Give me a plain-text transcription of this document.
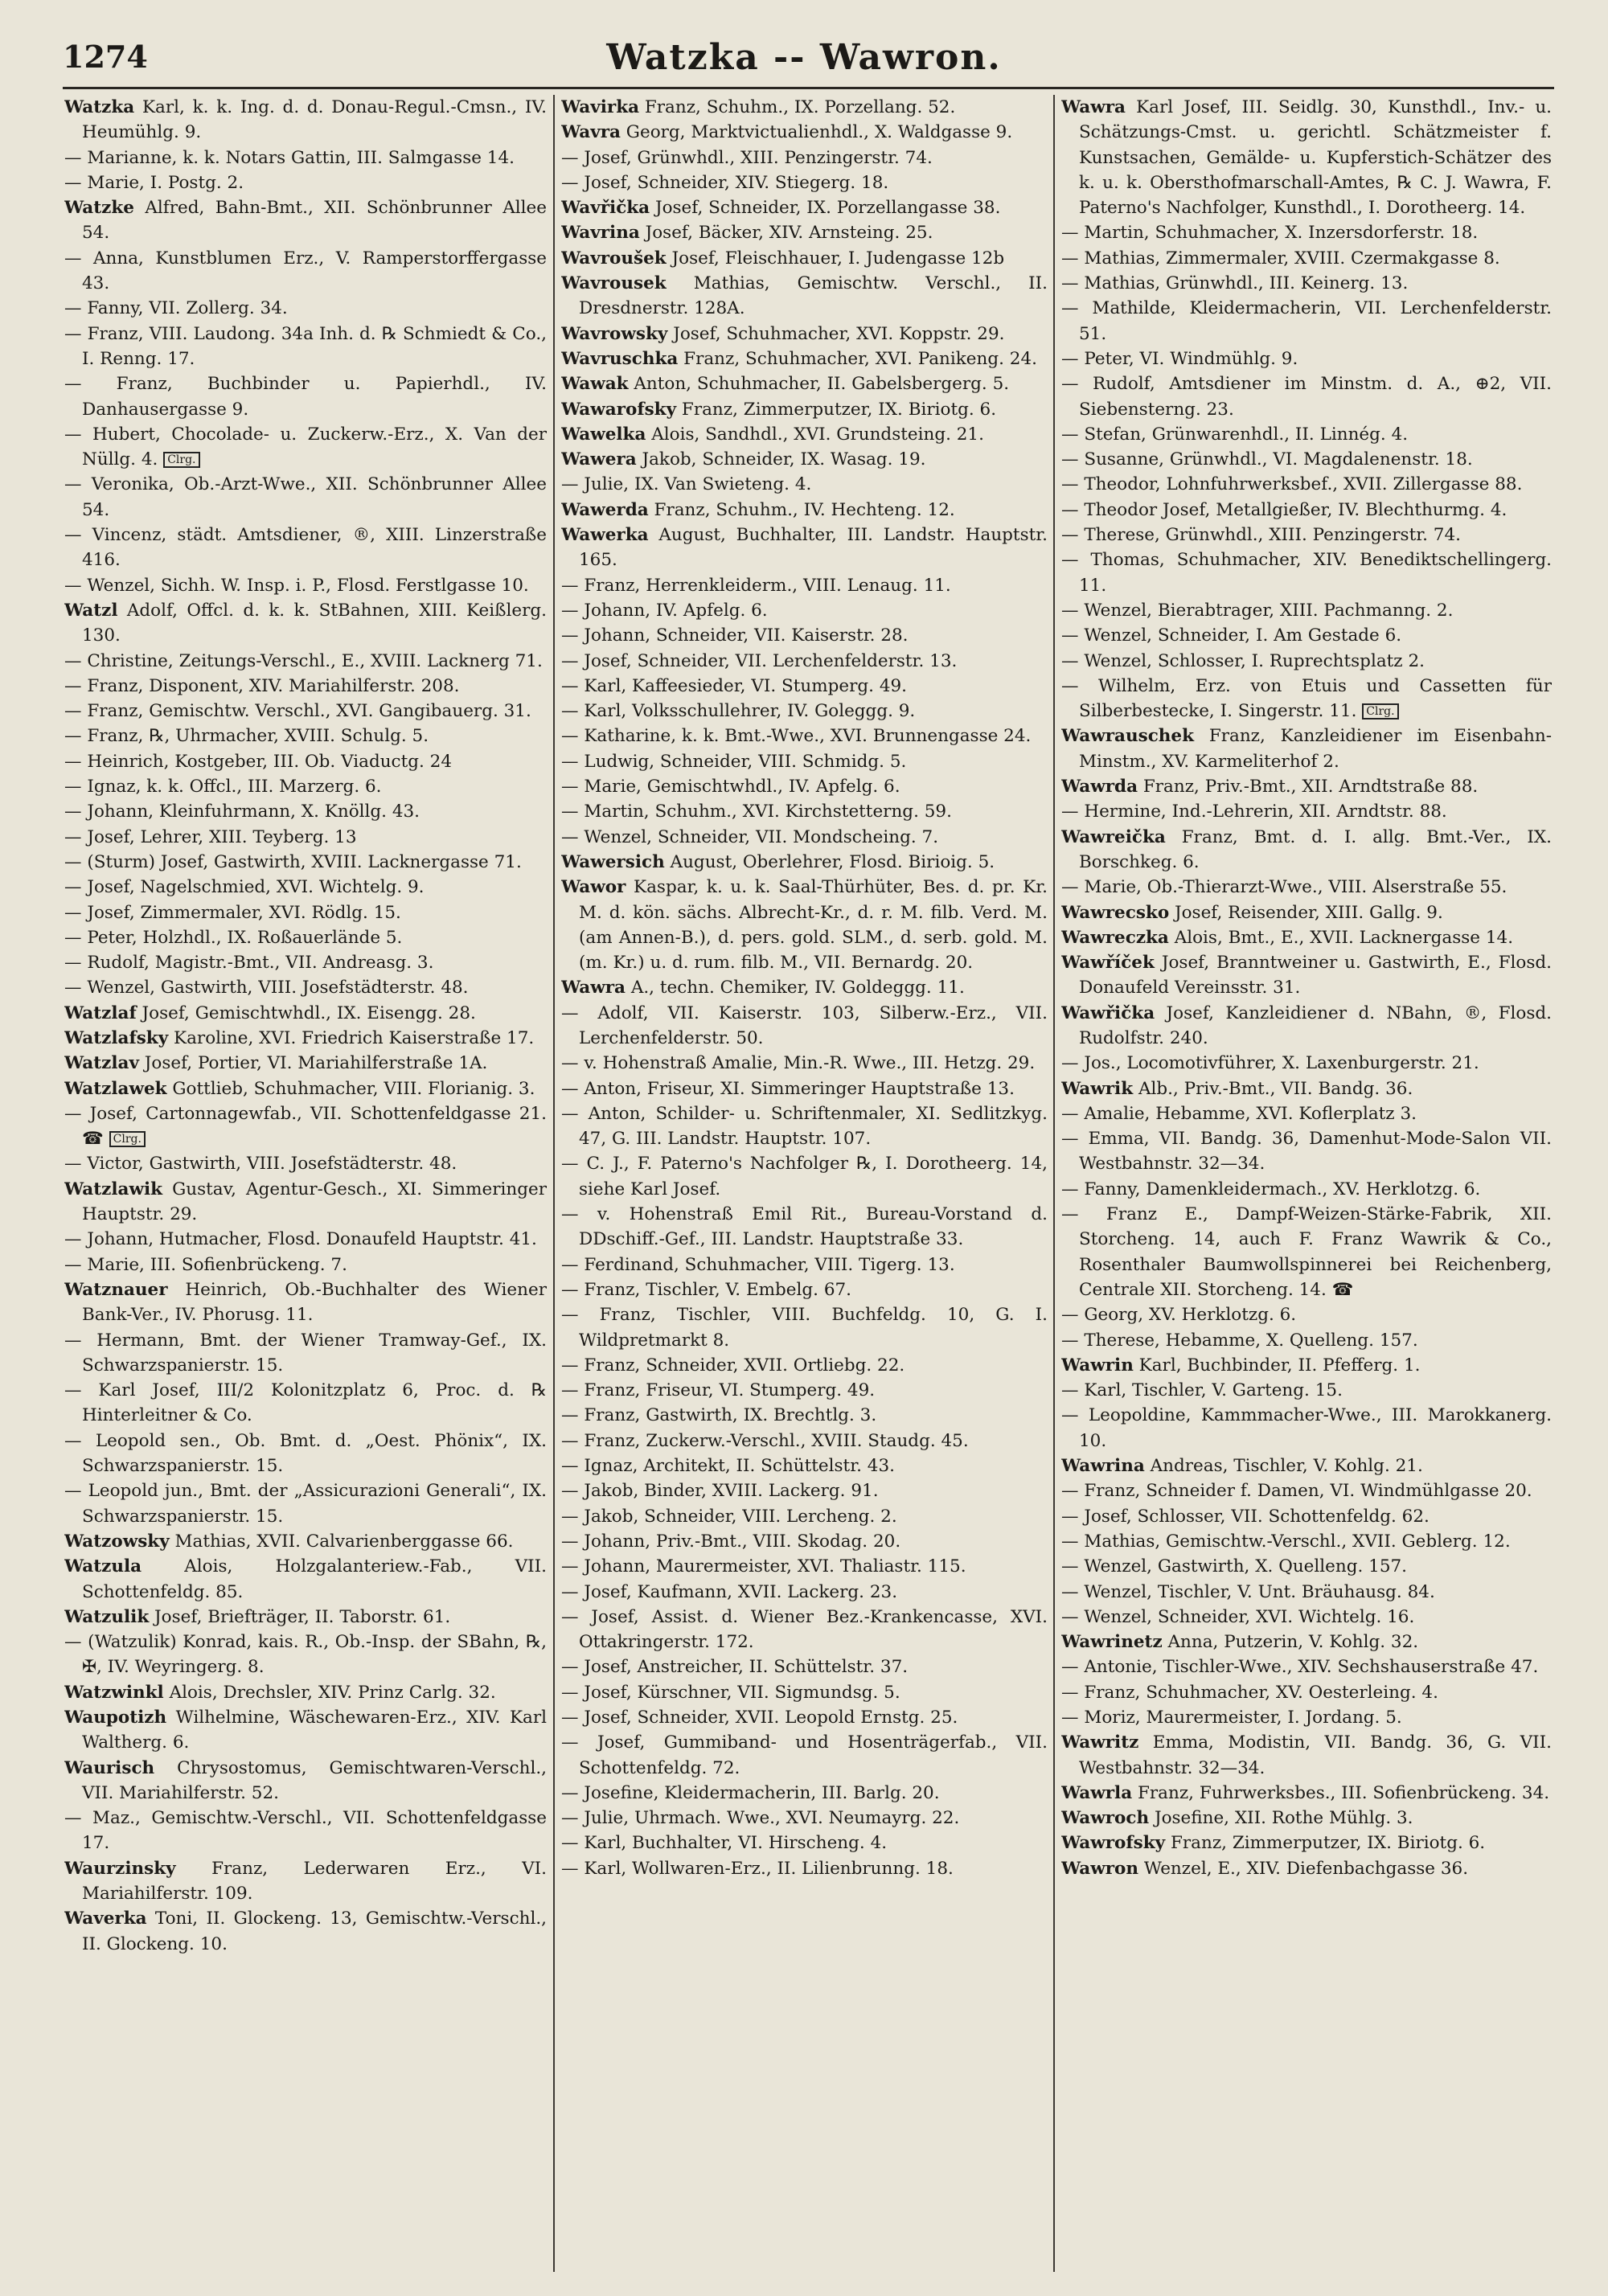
1274	Watzka -- Wawron.
Watzka Karl, k. k. Ing. d. d. Donau-Regul.-Cmsn., IV. Heumühlg. 9.
— Marianne, k. k. Notars Gattin, III. Salmgasse 14.
— Marie, I. Postg. 2.
Watzke Alfred, Bahn-Bmt., XII. Schönbrunner Allee 54.
— Anna, Kunstblumen Erz., V. Ramperstorffergasse 43.
— Fanny, VII. Zollerg. 34.
— Franz, VIII. Laudong. 34a Inh. d. ℞ Schmiedt & Co., I. Renng. 17.
— Franz, Buchbinder u. Papierhdl., IV. Danhausergasse 9.
— Hubert, Chocolade- u. Zuckerw.-Erz., X. Van der Nüllg. 4. Clrg.
— Veronika, Ob.-Arzt-Wwe., XII. Schönbrunner Allee 54.
— Vincenz, städt. Amtsdiener, ®, XIII. Linzerstraße 416.
— Wenzel, Sichh. W. Insp. i. P., Flosd. Ferstlgasse 10.
Watzl Adolf, Offcl. d. k. k. StBahnen, XIII. Keißlerg. 130.
— Christine, Zeitungs-Verschl., E., XVIII. Lacknerg 71.
— Franz, Disponent, XIV. Mariahilferstr. 208.
— Franz, Gemischtw. Verschl., XVI. Gangibauerg. 31.
— Franz, ℞, Uhrmacher, XVIII. Schulg. 5.
— Heinrich, Kostgeber, III. Ob. Viaductg. 24
— Ignaz, k. k. Offcl., III. Marzerg. 6.
— Johann, Kleinfuhrmann, X. Knöllg. 43.
— Josef, Lehrer, XIII. Teyberg. 13
— (Sturm) Josef, Gastwirth, XVIII. Lacknergasse 71.
— Josef, Nagelschmied, XVI. Wichtelg. 9.
— Josef, Zimmermaler, XVI. Rödlg. 15.
— Peter, Holzhdl., IX. Roßauerlände 5.
— Rudolf, Magistr.-Bmt., VII. Andreasg. 3.
— Wenzel, Gastwirth, VIII. Josefstädterstr. 48.
Watzlaf Josef, Gemischtwhdl., IX. Eisengg. 28.
Watzlafsky Karoline, XVI. Friedrich Kaiserstraße 17.
Watzlav Josef, Portier, VI. Mariahilferstraße 1A.
Watzlawek Gottlieb, Schuhmacher, VIII. Florianig. 3.
— Josef, Cartonnagewfab., VII. Schottenfeldgasse 21. ☎ Clrg.
— Victor, Gastwirth, VIII. Josefstädterstr. 48.
Watzlawik Gustav, Agentur-Gesch., XI. Simmeringer Hauptstr. 29.
— Johann, Hutmacher, Flosd. Donaufeld Hauptstr. 41.
— Marie, III. Sofienbrückeng. 7.
Watznauer Heinrich, Ob.-Buchhalter des Wiener Bank-Ver., IV. Phorusg. 11.
— Hermann, Bmt. der Wiener Tramway-Gef., IX. Schwarzspanierstr. 15.
— Karl Josef, III/2 Kolonitzplatz 6, Proc. d. ℞ Hinterleitner & Co.
— Leopold sen., Ob. Bmt. d. „Oest. Phönix“, IX. Schwarzspanierstr. 15.
— Leopold jun., Bmt. der „Assicurazioni Generali“, IX. Schwarzspanierstr. 15.
Watzowsky Mathias, XVII. Calvarienberggasse 66.
Watzula Alois, Holzgalanteriew.-Fab., VII. Schottenfeldg. 85.
Watzulik Josef, Briefträger, II. Taborstr. 61.
— (Watzulik) Konrad, kais. R., Ob.-Insp. der SBahn, ℞, ✠, IV. Weyringerg. 8.
Watzwinkl Alois, Drechsler, XIV. Prinz Carlg. 32.
Waupotizh Wilhelmine, Wäschewaren-Erz., XIV. Karl Waltherg. 6.
Waurisch Chrysostomus, Gemischtwaren-Verschl., VII. Mariahilferstr. 52.
— Maz., Gemischtw.-Verschl., VII. Schottenfeldgasse 17.
Waurzinsky Franz, Lederwaren Erz., VI. Mariahilferstr. 109.
Waverka Toni, II. Glockeng. 13, Gemischtw.-Verschl., II. Glockeng. 10.
Wavirka Franz, Schuhm., IX. Porzellang. 52.
Wavra Georg, Marktvictualienhdl., X. Waldgasse 9.
— Josef, Grünwhdl., XIII. Penzingerstr. 74.
— Josef, Schneider, XIV. Stiegerg. 18.
Wavřička Josef, Schneider, IX. Porzellangasse 38.
Wavrina Josef, Bäcker, XIV. Arnsteing. 25.
Wavroušek Josef, Fleischhauer, I. Judengasse 12b
Wavrousek Mathias, Gemischtw. Verschl., II. Dresdnerstr. 128A.
Wavrowsky Josef, Schuhmacher, XVI. Koppstr. 29.
Wavruschka Franz, Schuhmacher, XVI. Panikeng. 24.
Wawak Anton, Schuhmacher, II. Gabelsbergerg. 5.
Wawarofsky Franz, Zimmerputzer, IX. Biriotg. 6.
Wawelka Alois, Sandhdl., XVI. Grundsteing. 21.
Wawera Jakob, Schneider, IX. Wasag. 19.
— Julie, IX. Van Swieteng. 4.
Wawerda Franz, Schuhm., IV. Hechteng. 12.
Wawerka August, Buchhalter, III. Landstr. Hauptstr. 165.
— Franz, Herrenkleiderm., VIII. Lenaug. 11.
— Johann, IV. Apfelg. 6.
— Johann, Schneider, VII. Kaiserstr. 28.
— Josef, Schneider, VII. Lerchenfelderstr. 13.
— Karl, Kaffeesieder, VI. Stumperg. 49.
— Karl, Volksschullehrer, IV. Goleggg. 9.
— Katharine, k. k. Bmt.-Wwe., XVI. Brunnengasse 24.
— Ludwig, Schneider, VIII. Schmidg. 5.
— Marie, Gemischtwhdl., IV. Apfelg. 6.
— Martin, Schuhm., XVI. Kirchstetterng. 59.
— Wenzel, Schneider, VII. Mondscheing. 7.
Wawersich August, Oberlehrer, Flosd. Birioig. 5.
Wawor Kaspar, k. u. k. Saal-Thürhüter, Bes. d. pr. Kr. M. d. kön. sächs. Albrecht-Kr., d. r. M. filb. Verd. M. (am Annen-B.), d. pers. gold. SLM., d. serb. gold. M. (m. Kr.) u. d. rum. filb. M., VII. Bernardg. 20.
Wawra A., techn. Chemiker, IV. Goldeggg. 11.
— Adolf, VII. Kaiserstr. 103, Silberw.-Erz., VII. Lerchenfelderstr. 50.
— v. Hohenstraß Amalie, Min.-R. Wwe., III. Hetzg. 29.
— Anton, Friseur, XI. Simmeringer Hauptstraße 13.
— Anton, Schilder- u. Schriftenmaler, XI. Sedlitzkyg. 47, G. III. Landstr. Hauptstr. 107.
— C. J., F. Paterno's Nachfolger ℞, I. Dorotheerg. 14, siehe Karl Josef.
— v. Hohenstraß Emil Rit., Bureau-Vorstand d. DDschiff.-Gef., III. Landstr. Hauptstraße 33.
— Ferdinand, Schuhmacher, VIII. Tigerg. 13.
— Franz, Tischler, V. Embelg. 67.
— Franz, Tischler, VIII. Buchfeldg. 10, G. I. Wildpretmarkt 8.
— Franz, Schneider, XVII. Ortliebg. 22.
— Franz, Friseur, VI. Stumperg. 49.
— Franz, Gastwirth, IX. Brechtlg. 3.
— Franz, Zuckerw.-Verschl., XVIII. Staudg. 45.
— Ignaz, Architekt, II. Schüttelstr. 43.
— Jakob, Binder, XVIII. Lackerg. 91.
— Jakob, Schneider, VIII. Lercheng. 2.
— Johann, Priv.-Bmt., VIII. Skodag. 20.
— Johann, Maurermeister, XVI. Thaliastr. 115.
— Josef, Kaufmann, XVII. Lackerg. 23.
— Josef, Assist. d. Wiener Bez.-Krankencasse, XVI. Ottakringerstr. 172.
— Josef, Anstreicher, II. Schüttelstr. 37.
— Josef, Kürschner, VII. Sigmundsg. 5.
— Josef, Schneider, XVII. Leopold Ernstg. 25.
— Josef, Gummiband- und Hosenträgerfab., VII. Schottenfeldg. 72.
— Josefine, Kleidermacherin, III. Barlg. 20.
— Julie, Uhrmach. Wwe., XVI. Neumayrg. 22.
— Karl, Buchhalter, VI. Hirscheng. 4.
— Karl, Wollwaren-Erz., II. Lilienbrunng. 18.
Wawra Karl Josef, III. Seidlg. 30, Kunsthdl., Inv.- u. Schätzungs-Cmst. u. gerichtl. Schätzmeister f. Kunstsachen, Gemälde- u. Kupferstich-Schätzer des k. u. k. Obersthofmarschall-Amtes, ℞ C. J. Wawra, F. Paterno's Nachfolger, Kunsthdl., I. Dorotheerg. 14.
— Martin, Schuhmacher, X. Inzersdorferstr. 18.
— Mathias, Zimmermaler, XVIII. Czermakgasse 8.
— Mathias, Grünwhdl., III. Keinerg. 13.
— Mathilde, Kleidermacherin, VII. Lerchenfelderstr. 51.
— Peter, VI. Windmühlg. 9.
— Rudolf, Amtsdiener im Minstm. d. A., ⊕2, VII. Siebensterng. 23.
— Stefan, Grünwarenhdl., II. Linnég. 4.
— Susanne, Grünwhdl., VI. Magdalenenstr. 18.
— Theodor, Lohnfuhrwerksbef., XVII. Zillergasse 88.
— Theodor Josef, Metallgießer, IV. Blechthurmg. 4.
— Therese, Grünwhdl., XIII. Penzingerstr. 74.
— Thomas, Schuhmacher, XIV. Benediktschellingerg. 11.
— Wenzel, Bierabtrager, XIII. Pachmanng. 2.
— Wenzel, Schneider, I. Am Gestade 6.
— Wenzel, Schlosser, I. Ruprechtsplatz 2.
— Wilhelm, Erz. von Etuis und Cassetten für Silberbestecke, I. Singerstr. 11. Clrg.
Wawrauschek Franz, Kanzleidiener im Eisenbahn-Minstm., XV. Karmeliterhof 2.
Wawrda Franz, Priv.-Bmt., XII. Arndtstraße 88.
— Hermine, Ind.-Lehrerin, XII. Arndtstr. 88.
Wawreička Franz, Bmt. d. I. allg. Bmt.-Ver., IX. Borschkeg. 6.
— Marie, Ob.-Thierarzt-Wwe., VIII. Alserstraße 55.
Wawrecsko Josef, Reisender, XIII. Gallg. 9.
Wawreczka Alois, Bmt., E., XVII. Lacknergasse 14.
Wawříček Josef, Branntweiner u. Gastwirth, E., Flosd. Donaufeld Vereinsstr. 31.
Wawřička Josef, Kanzleidiener d. NBahn, ®, Flosd. Rudolfstr. 240.
— Jos., Locomotivführer, X. Laxenburgerstr. 21.
Wawrik Alb., Priv.-Bmt., VII. Bandg. 36.
— Amalie, Hebamme, XVI. Koflerplatz 3.
— Emma, VII. Bandg. 36, Damenhut-Mode-Salon VII. Westbahnstr. 32—34.
— Fanny, Damenkleidermach., XV. Herklotzg. 6.
— Franz E., Dampf-Weizen-Stärke-Fabrik, XII. Storcheng. 14, auch F. Franz Wawrik & Co., Rosenthaler Baumwollspinnerei bei Reichenberg, Centrale XII. Storcheng. 14. ☎
— Georg, XV. Herklotzg. 6.
— Therese, Hebamme, X. Quelleng. 157.
Wawrin Karl, Buchbinder, II. Pfefferg. 1.
— Karl, Tischler, V. Garteng. 15.
— Leopoldine, Kammmacher-Wwe., III. Marokkanerg. 10.
Wawrina Andreas, Tischler, V. Kohlg. 21.
— Franz, Schneider f. Damen, VI. Windmühlgasse 20.
— Josef, Schlosser, VII. Schottenfeldg. 62.
— Mathias, Gemischtw.-Verschl., XVII. Geblerg. 12.
— Wenzel, Gastwirth, X. Quelleng. 157.
— Wenzel, Tischler, V. Unt. Bräuhausg. 84.
— Wenzel, Schneider, XVI. Wichtelg. 16.
Wawrinetz Anna, Putzerin, V. Kohlg. 32.
— Antonie, Tischler-Wwe., XIV. Sechshauserstraße 47.
— Franz, Schuhmacher, XV. Oesterleing. 4.
— Moriz, Maurermeister, I. Jordang. 5.
Wawritz Emma, Modistin, VII. Bandg. 36, G. VII. Westbahnstr. 32—34.
Wawrla Franz, Fuhrwerksbes., III. Sofienbrückeng. 34.
Wawroch Josefine, XII. Rothe Mühlg. 3.
Wawrofsky Franz, Zimmerputzer, IX. Biriotg. 6.
Wawron Wenzel, E., XIV. Diefenbachgasse 36.
